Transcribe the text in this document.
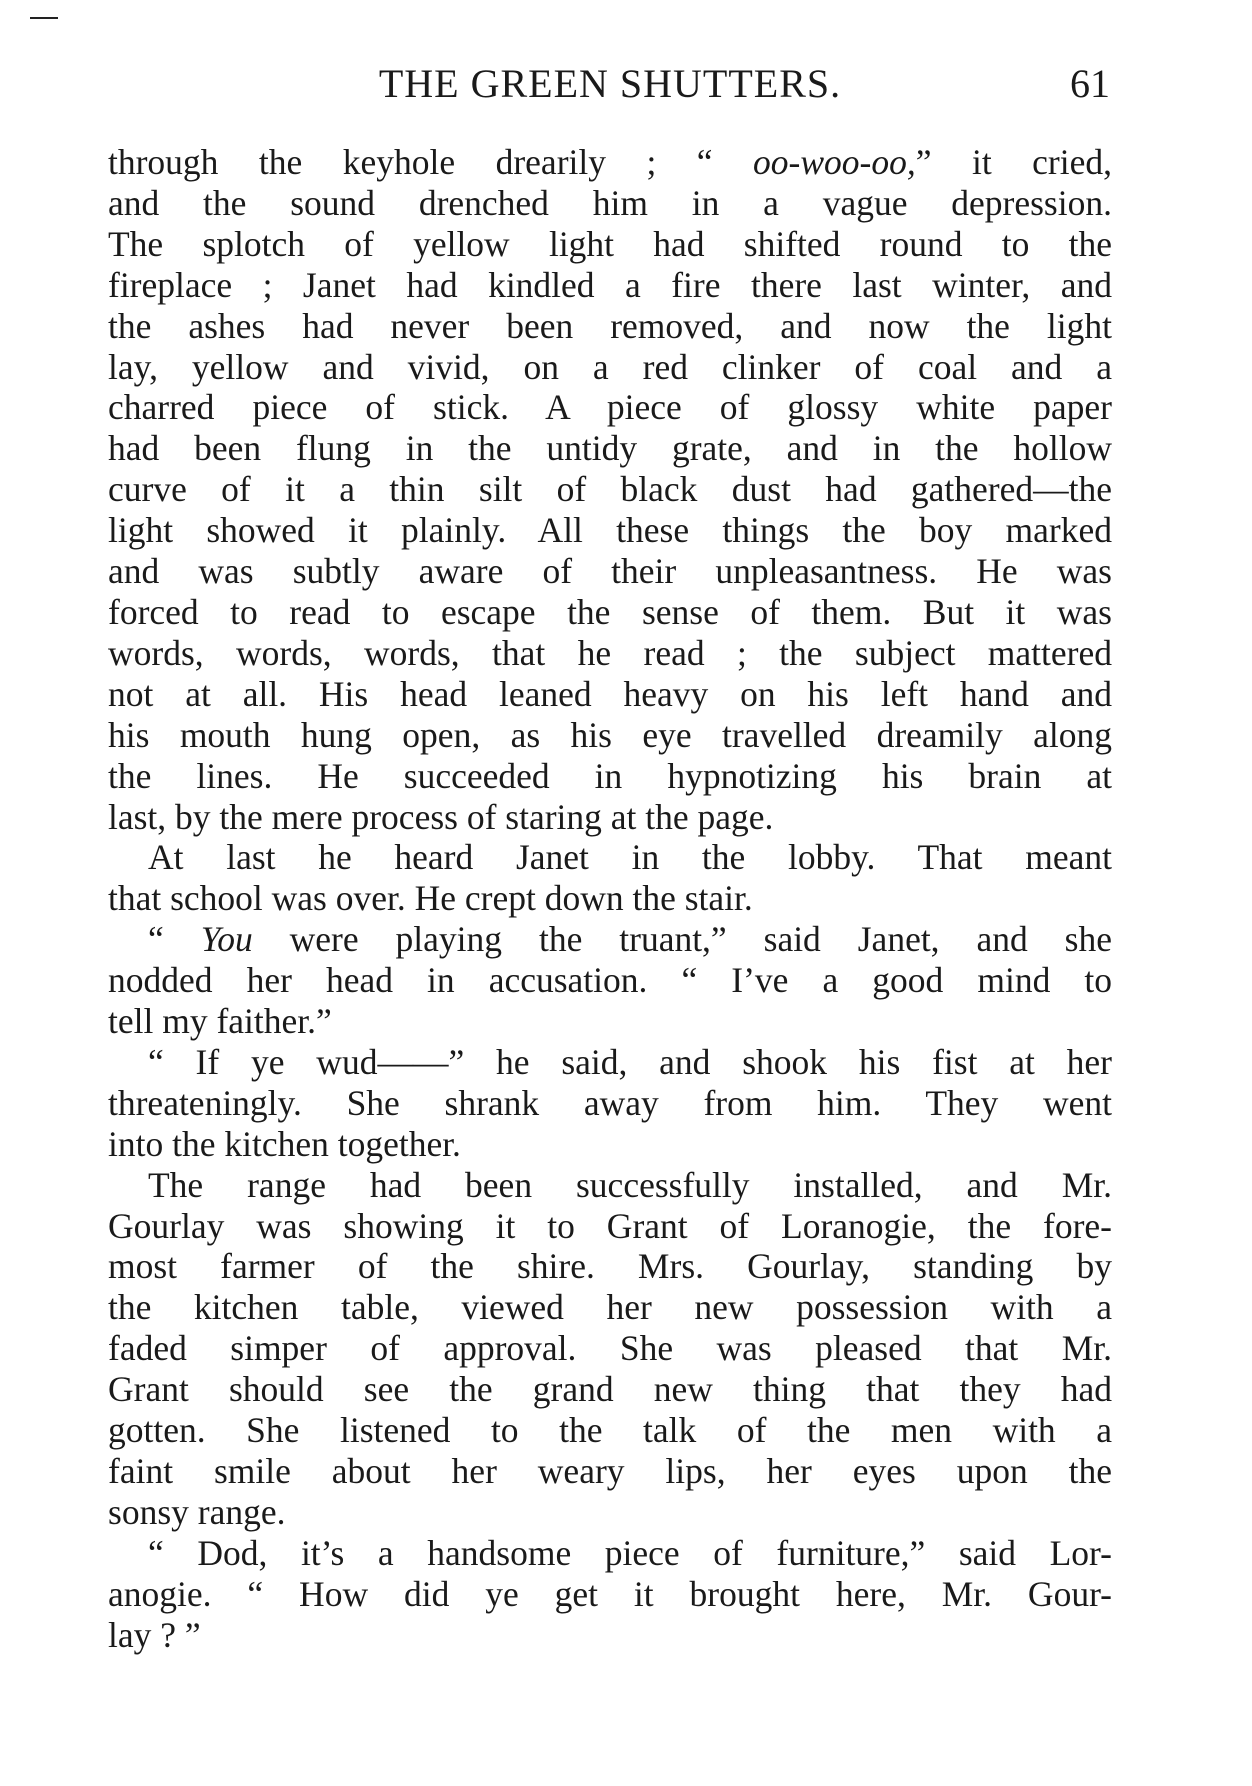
THE GREEN SHUTTERS.	61
through the keyhole drearily ; “ oo-woo-oo,” it cried,
and the sound drenched him in a vague depression.
The splotch of yellow light had shifted round to the
fireplace ; Janet had kindled a fire there last winter, and
the ashes had never been removed, and now the light
lay, yellow and vivid, on a red clinker of coal and a
charred piece of stick. A piece of glossy white paper
had been flung in the untidy grate, and in the hollow
curve of it a thin silt of black dust had gathered—the
light showed it plainly. All these things the boy marked
and was subtly aware of their unpleasantness. He was
forced to read to escape the sense of them. But it was
words, words, words, that he read ; the subject mattered
not at all. His head leaned heavy on his left hand and
his mouth hung open, as his eye travelled dreamily along
the lines. He succeeded in hypnotizing his brain at
last, by the mere process of staring at the page.
At last he heard Janet in the lobby. That meant
that school was over. He crept down the stair.
“ You were playing the truant,” said Janet, and she
nodded her head in accusation. “ I’ve a good mind to
tell my faither.”
“ If ye wud——” he said, and shook his fist at her
threateningly. She shrank away from him. They went
into the kitchen together.
The range had been successfully installed, and Mr.
Gourlay was showing it to Grant of Loranogie, the fore-
most farmer of the shire. Mrs. Gourlay, standing by
the kitchen table, viewed her new possession with a
faded simper of approval. She was pleased that Mr.
Grant should see the grand new thing that they had
gotten. She listened to the talk of the men with a
faint smile about her weary lips, her eyes upon the
sonsy range.
“ Dod, it’s a handsome piece of furniture,” said Lor-
anogie. “ How did ye get it brought here, Mr. Gour-
lay ? ”
